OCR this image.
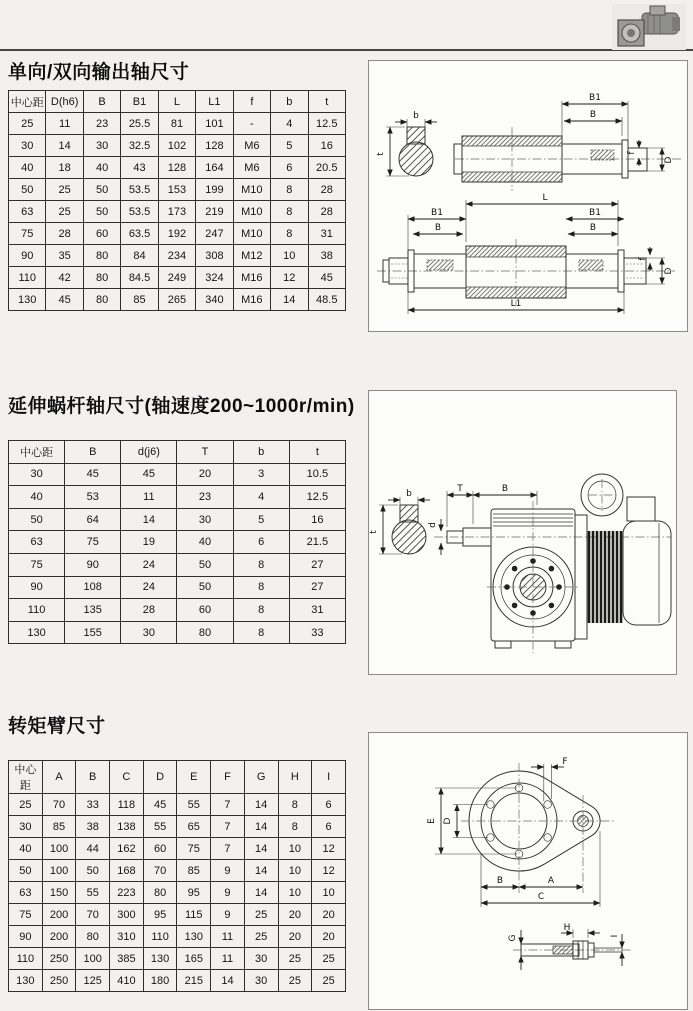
单向/双向输出轴尺寸
中心距	D(h6)	B	B1	L	L1	f	b	t
25	11	23	25.5	81	101	-	4	12.5
30	14	30	32.5	102	128	M6	5	16
40	18	40	43	128	164	M6	6	20.5
50	25	50	53.5	153	199	M10	8	28
63	25	50	53.5	173	219	M10	8	28
75	28	60	63.5	192	247	M10	8	31
90	35	80	84	234	308	M12	10	38
110	42	80	84.5	249	324	M16	12	45
130	45	80	85	265	340	M16	14	48.5
b
t
B1
B
f
D
L
B1
B
B1
B
L1
f
D
延伸蜗杆轴尺寸(轴速度200~1000r/min)
中心距	B	d(j6)	T	b	t
30	45	45	20	3	10.5
40	53	11	23	4	12.5
50	64	14	30	5	16
63	75	19	40	6	21.5
75	90	24	50	8	27
90	108	24	50	8	27
110	135	28	60	8	31
130	155	30	80	8	33
b
t
d
T	B
转矩臂尺寸
中心距	A	B	C	D	E	F	G	H	I
25	70	33	118	45	55	7	14	8	6
30	85	38	138	55	65	7	14	8	6
40	100	44	162	60	75	7	14	10	12
50	100	50	168	70	85	9	14	10	12
63	150	55	223	80	95	9	14	10	10
75	200	70	300	95	115	9	25	20	20
90	200	80	310	110	130	11	25	20	20
110	250	100	385	130	165	11	30	25	25
130	250	125	410	180	215	14	30	25	25
F
E D
B	A
C
G
H
I
